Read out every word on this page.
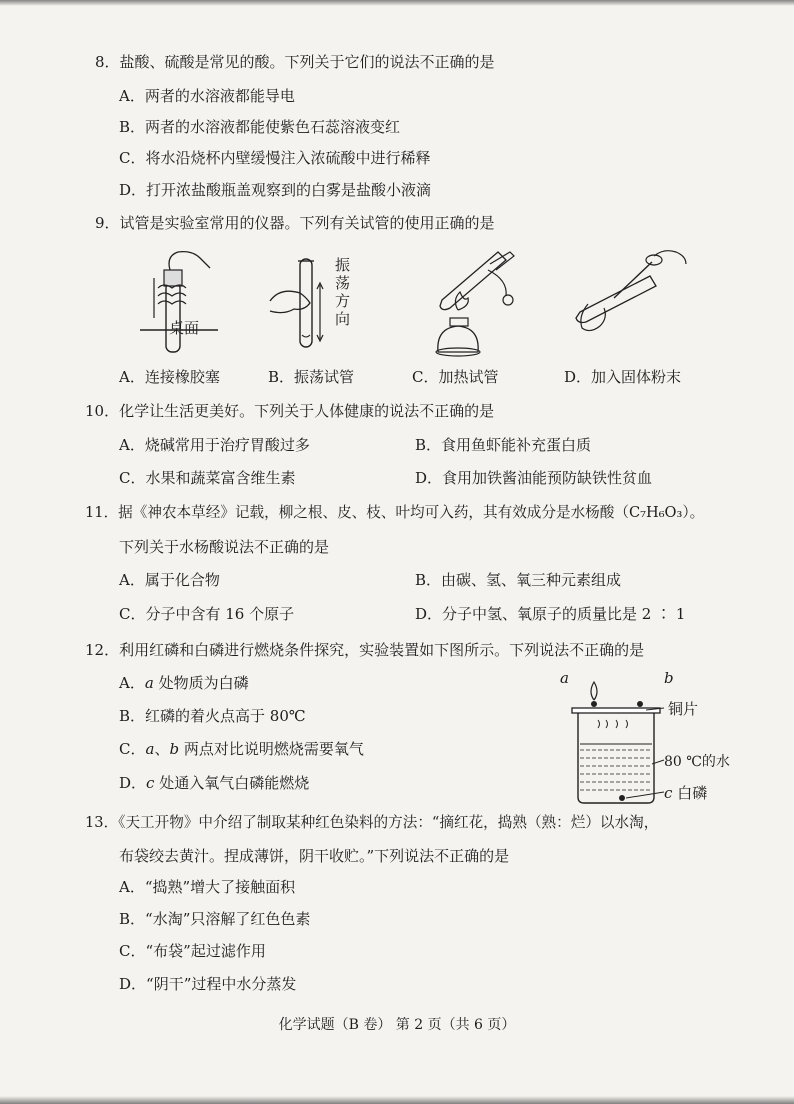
8．盐酸、硫酸是常见的酸。下列关于它们的说法不正确的是
A．两者的水溶液都能导电
B．两者的水溶液都能使紫色石蕊溶液变红
C．将水沿烧杯内壁缓慢注入浓硫酸中进行稀释
D．打开浓盐酸瓶盖观察到的白雾是盐酸小液滴
9．试管是实验室常用的仪器。下列有关试管的使用正确的是
桌面
振
荡
方
向
A．连接橡胶塞	B．振荡试管	C．加热试管	D．加入固体粉末
10．化学让生活更美好。下列关于人体健康的说法不正确的是
A．烧碱常用于治疗胃酸过多	B．食用鱼虾能补充蛋白质
C．水果和蔬菜富含维生素	D．食用加铁酱油能预防缺铁性贫血
11．据《神农本草经》记载，柳之根、皮、枝、叶均可入药，其有效成分是水杨酸（C₇H₆O₃）。
下列关于水杨酸说法不正确的是
A．属于化合物	B．由碳、氢、氧三种元素组成
C．分子中含有 16 个原子	D．分子中氢、氧原子的质量比是 2 ∶ 1
12．利用红磷和白磷进行燃烧条件探究，实验装置如下图所示。下列说法不正确的是
A．a 处物质为白磷
B．红磷的着火点高于 80℃
C．a、b 两点对比说明燃烧需要氧气
D．c 处通入氧气白磷能燃烧
a	b
铜片
80 ℃的水
c 白磷
13．《天工开物》中介绍了制取某种红色染料的方法：“摘红花，捣熟（熟：烂）以水淘，
布袋绞去黄汁。捏成薄饼，阴干收贮。”下列说法不正确的是
A．“捣熟”增大了接触面积
B．“水淘”只溶解了红色色素
C．“布袋”起过滤作用
D．“阴干”过程中水分蒸发
化学试题（B 卷） 第 2 页（共 6 页）
